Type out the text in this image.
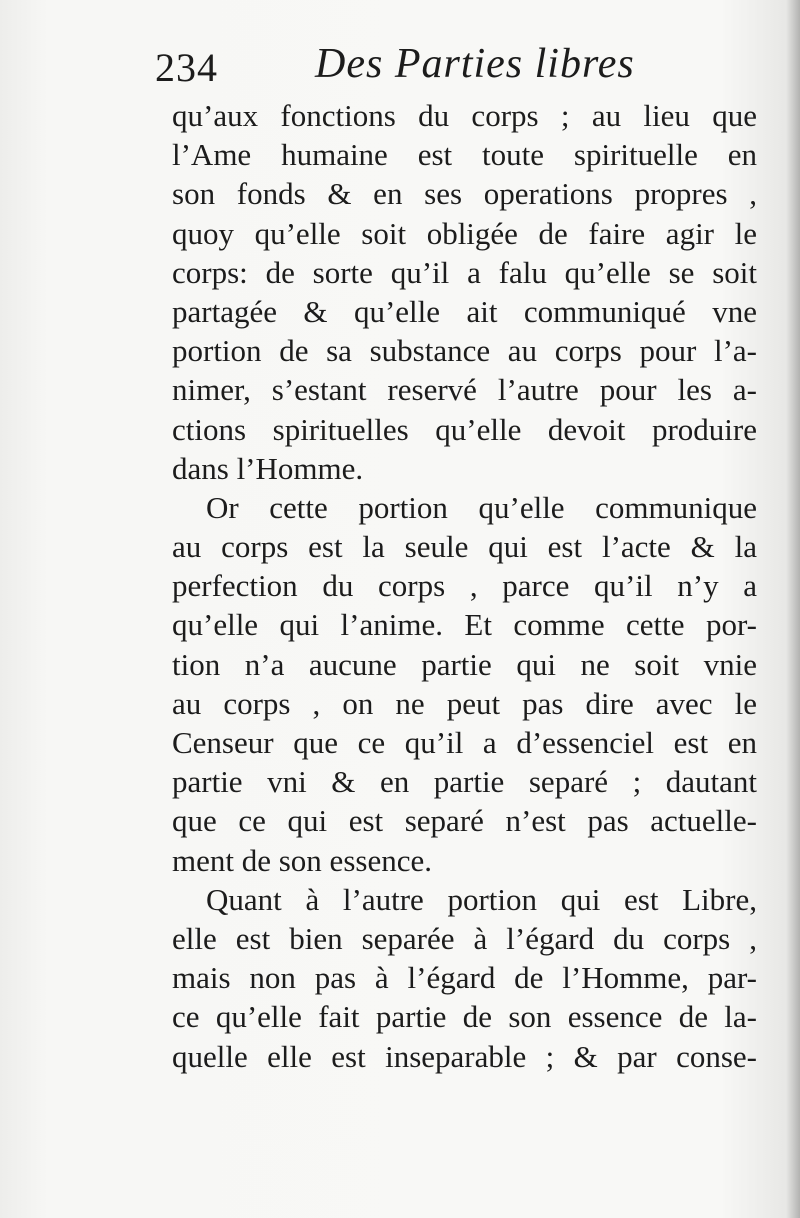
234 Des Parties libres
qu’aux fonctions du corps ; au lieu que
l’Ame humaine est toute spirituelle en
son fonds & en ses operations propres ,
quoy qu’elle soit obligée de faire agir le
corps: de sorte qu’il a falu qu’elle se soit
partagée & qu’elle ait communiqué vne
portion de sa substance au corps pour l’a-
nimer, s’estant reservé l’autre pour les a-
ctions spirituelles qu’elle devoit produire
dans l’Homme.
Or cette portion qu’elle communique
au corps est la seule qui est l’acte & la
perfection du corps , parce qu’il n’y a
qu’elle qui l’anime. Et comme cette por-
tion n’a aucune partie qui ne soit vnie
au corps , on ne peut pas dire avec le
Censeur que ce qu’il a d’essenciel est en
partie vni & en partie separé ; dautant
que ce qui est separé n’est pas actuelle-
ment de son essence.
Quant à l’autre portion qui est Libre,
elle est bien separée à l’égard du corps ,
mais non pas à l’égard de l’Homme, par-
ce qu’elle fait partie de son essence de la-
quelle elle est inseparable ; & par conse-
